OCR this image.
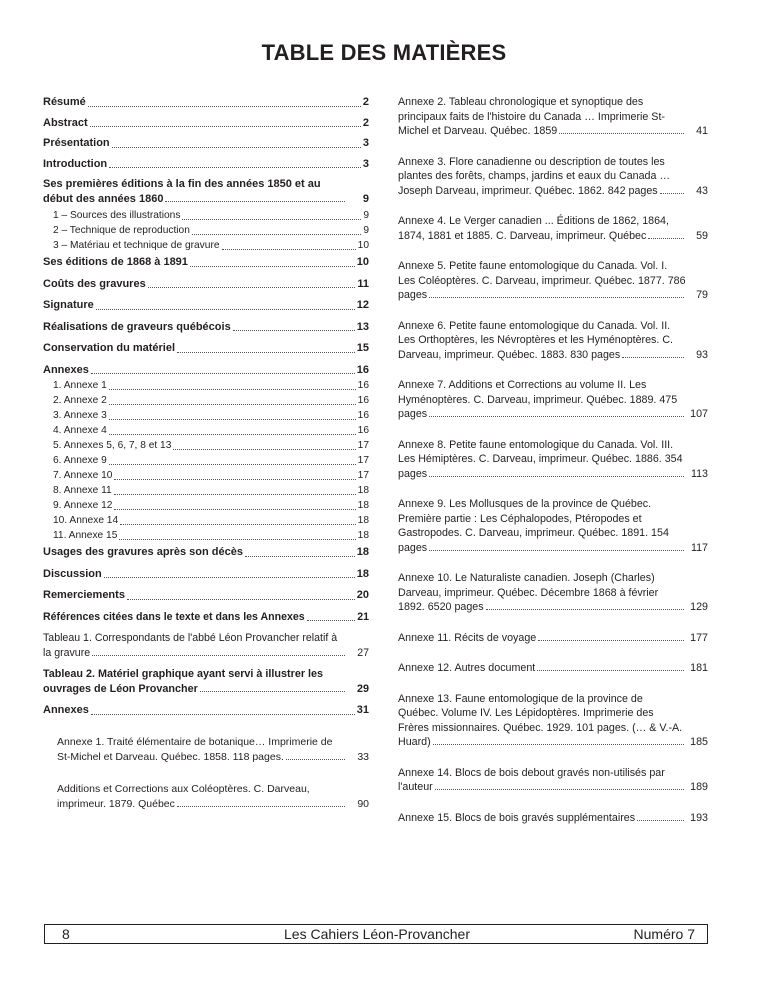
TABLE DES MATIÈRES
Résumé	2
Abstract	2
Présentation	3
Introduction	3
Ses premières éditions à la fin des années 1850 et au début des années 1860	9
1 – Sources des illustrations	9
2 – Technique de reproduction	9
3 – Matériau et technique de gravure	10
Ses éditions de 1868 à 1891	10
Coûts des gravures	11
Signature	12
Réalisations de graveurs québécois	13
Conservation du matériel	15
Annexes	16
1. Annexe 1	16
2. Annexe 2	16
3. Annexe 3	16
4. Annexe 4	16
5. Annexes 5, 6, 7, 8 et 13	17
6. Annexe 9	17
7. Annexe 10	17
8. Annexe 11	18
9. Annexe 12	18
10. Annexe 14	18
11. Annexe 15	18
Usages des gravures après son décès	18
Discussion	18
Remerciements	20
Références citées dans le texte et dans les Annexes	21
Tableau 1. Correspondants de l'abbé Léon Provancher relatif à la gravure	27
Tableau 2. Matériel graphique ayant servi à illustrer les ouvrages de Léon Provancher	29
Annexes	31
Annexe 1. Traité élémentaire de botanique… Imprimerie de St-Michel et Darveau. Québec. 1858. 118 pages.	33
Additions et Corrections aux Coléoptères. C. Darveau, imprimeur. 1879. Québec	90
Annexe 2. Tableau chronologique et synoptique des principaux faits de l'histoire du Canada … Imprimerie St-Michel et Darveau. Québec. 1859	41
Annexe 3. Flore canadienne ou description de toutes les plantes des forêts, champs, jardins et eaux du Canada … Joseph Darveau, imprimeur. Québec. 1862. 842 pages	43
Annexe 4. Le Verger canadien ... Éditions de 1862, 1864, 1874, 1881 et 1885. C. Darveau, imprimeur. Québec	59
Annexe 5. Petite faune entomologique du Canada. Vol. I. Les Coléoptères. C. Darveau, imprimeur. Québec. 1877. 786 pages	79
Annexe 6. Petite faune entomologique du Canada. Vol. II. Les Orthoptères, les Névroptères et les Hyménoptères. C. Darveau, imprimeur. Québec. 1883. 830 pages	93
Annexe 7. Additions et Corrections au volume II. Les Hyménoptères. C. Darveau, imprimeur. Québec. 1889. 475 pages	107
Annexe 8. Petite faune entomologique du Canada. Vol. III. Les Hémiptères. C. Darveau, imprimeur. Québec. 1886. 354 pages	113
Annexe 9. Les Mollusques de la province de Québec. Première partie : Les Céphalopodes, Ptéropodes et Gastropodes. C. Darveau, imprimeur. Québec. 1891. 154 pages	117
Annexe 10. Le Naturaliste canadien. Joseph (Charles) Darveau, imprimeur. Québec. Décembre 1868 à février 1892. 6520 pages	129
Annexe 11. Récits de voyage	177
Annexe 12. Autres document	181
Annexe 13. Faune entomologique de la province de Québec. Volume IV. Les Lépidoptères. Imprimerie des Frères missionnaires. Québec. 1929. 101 pages. (… & V.-A. Huard)	185
Annexe 14. Blocs de bois debout gravés non-utilisés par l'auteur	189
Annexe 15. Blocs de bois gravés supplémentaires	193
8	Les Cahiers Léon-Provancher	Numéro 7
